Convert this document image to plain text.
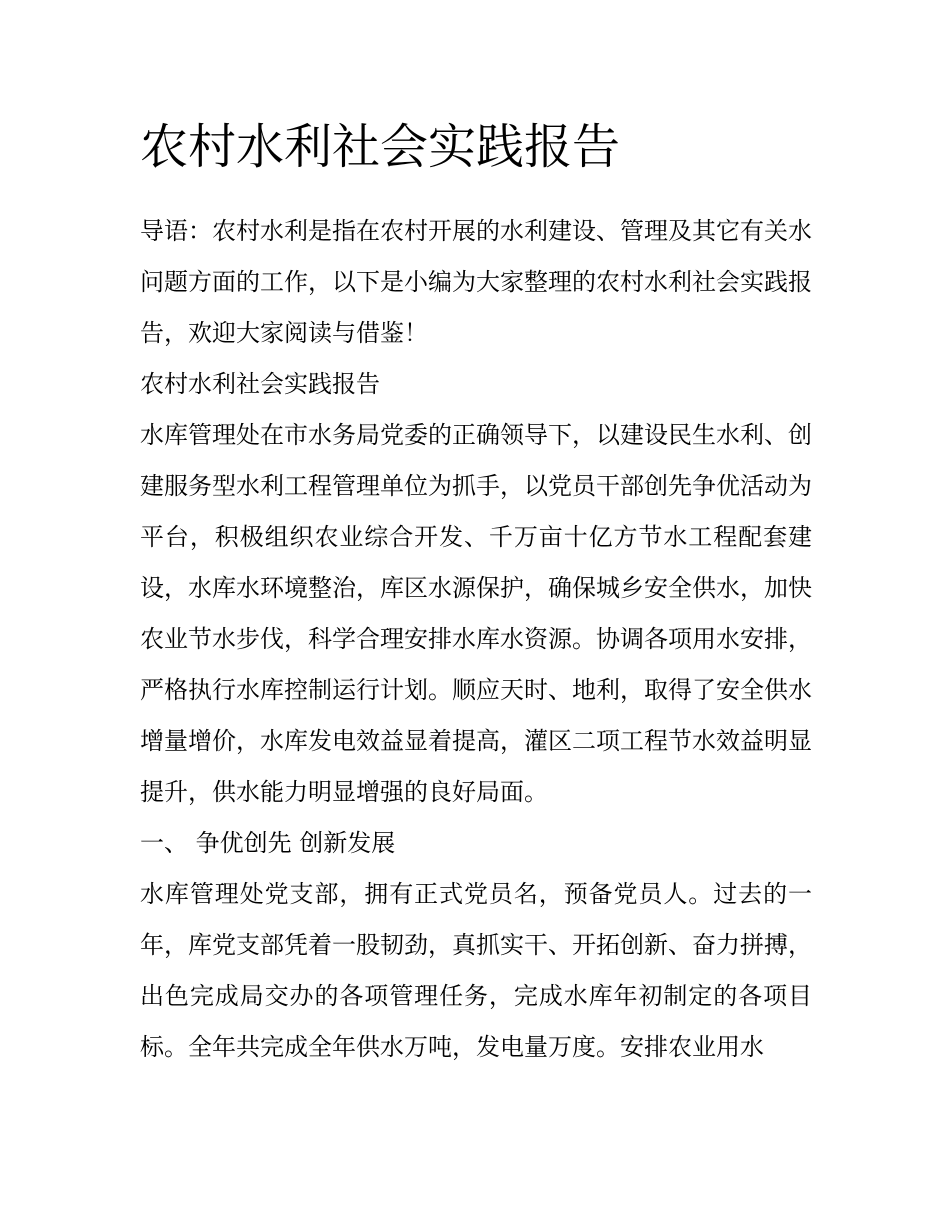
农村水利社会实践报告

导语：农村水利是指在农村开展的水利建设、管理及其它有关水问题方面的工作，以下是小编为大家整理的农村水利社会实践报告，欢迎大家阅读与借鉴！

农村水利社会实践报告

水库管理处在市水务局党委的正确领导下，以建设民生水利、创建服务型水利工程管理单位为抓手，以党员干部创先争优活动为平台，积极组织农业综合开发、千万亩十亿方节水工程配套建设，水库水环境整治，库区水源保护，确保城乡安全供水，加快农业节水步伐，科学合理安排水库水资源。协调各项用水安排，严格执行水库控制运行计划。顺应天时、地利，取得了安全供水增量增价，水库发电效益显着提高，灌区二项工程节水效益明显提升，供水能力明显增强的良好局面。

一、 争优创先 创新发展

水库管理处党支部，拥有正式党员名，预备党员人。过去的一年，库党支部凭着一股韧劲，真抓实干、开拓创新、奋力拼搏，出色完成局交办的各项管理任务，完成水库年初制定的各项目标。全年共完成全年供水万吨，发电量万度。安排农业用水
